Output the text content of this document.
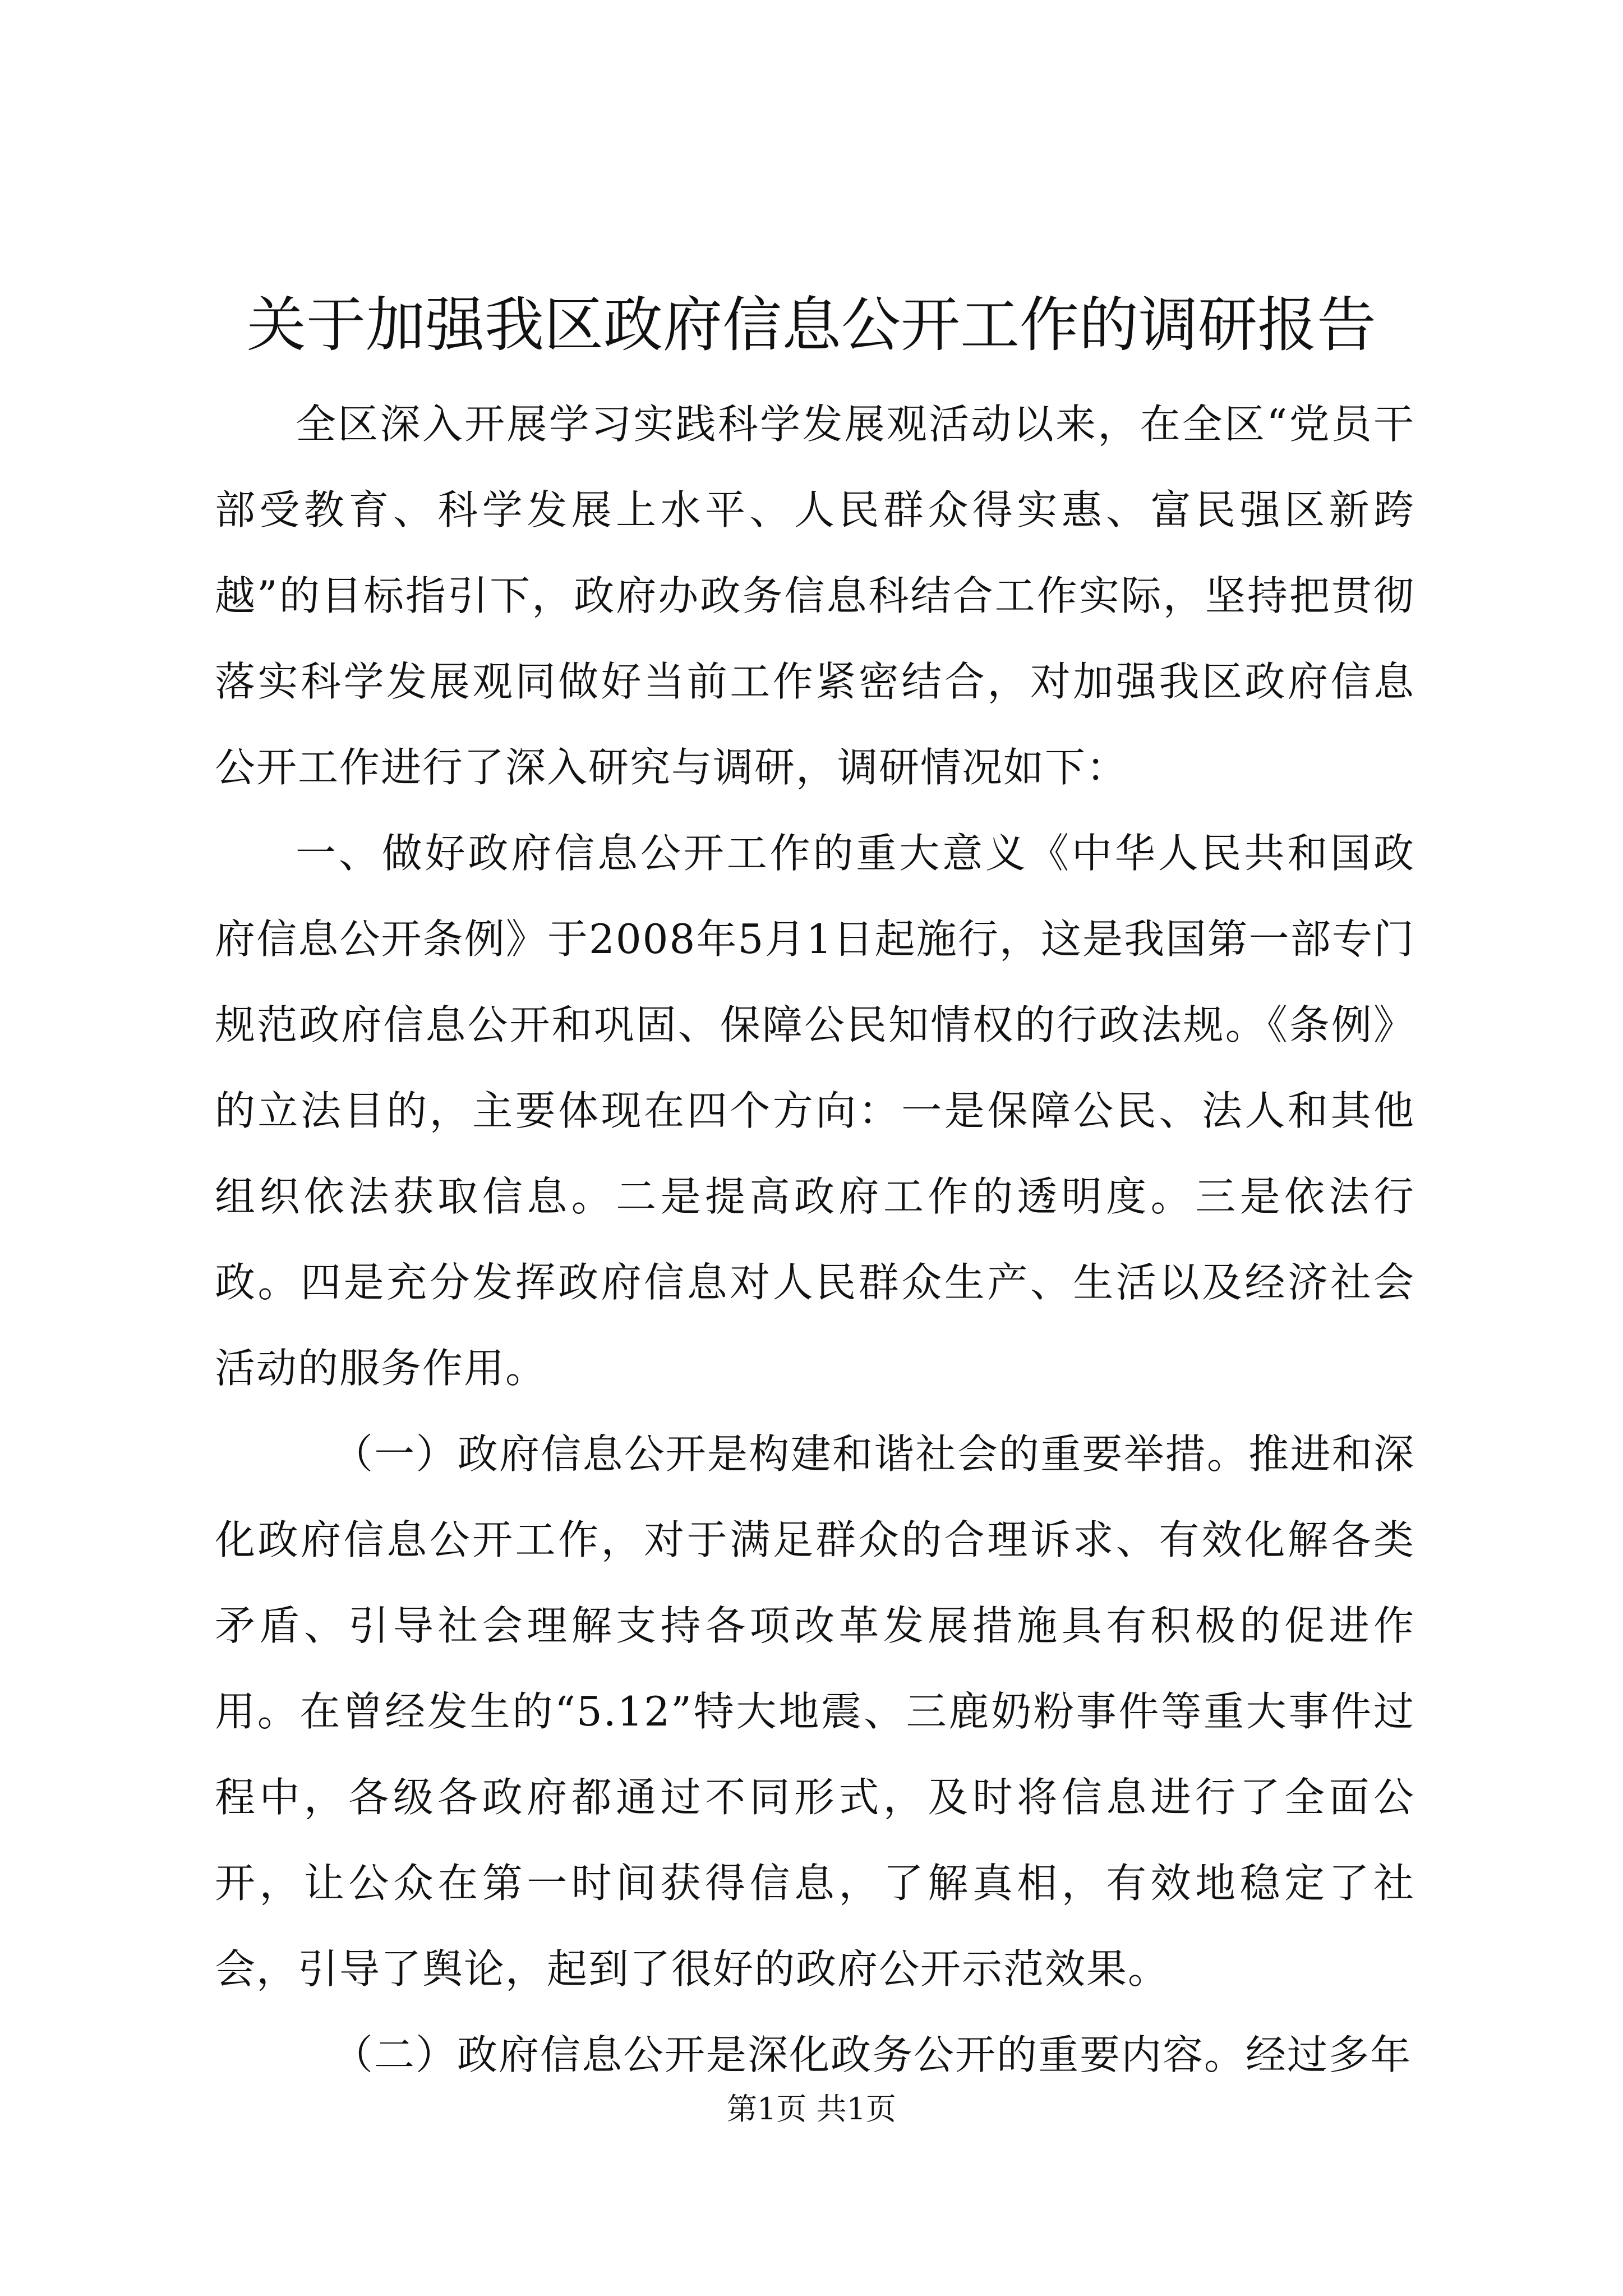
关于加强我区政府信息公开工作的调研报告

全区深入开展学习实践科学发展观活动以来，在全区“党员干部受教育、科学发展上水平、人民群众得实惠、富民强区新跨越”的目标指引下，政府办政务信息科结合工作实际，坚持把贯彻落实科学发展观同做好当前工作紧密结合，对加强我区政府信息公开工作进行了深入研究与调研，调研情况如下：

一、做好政府信息公开工作的重大意义《中华人民共和国政府信息公开条例》于2008年5月1日起施行，这是我国第一部专门规范政府信息公开和巩固、保障公民知情权的行政法规。《条例》的立法目的，主要体现在四个方向：一是保障公民、法人和其他组织依法获取信息。二是提高政府工作的透明度。三是依法行政。四是充分发挥政府信息对人民群众生产、生活以及经济社会活动的服务作用。

（一）政府信息公开是构建和谐社会的重要举措。推进和深化政府信息公开工作，对于满足群众的合理诉求、有效化解各类矛盾、引导社会理解支持各项改革发展措施具有积极的促进作用。在曾经发生的“5.12”特大地震、三鹿奶粉事件等重大事件过程中，各级各政府都通过不同形式，及时将信息进行了全面公开，让公众在第一时间获得信息，了解真相，有效地稳定了社会，引导了舆论，起到了很好的政府公开示范效果。

（二）政府信息公开是深化政务公开的重要内容。经过多年

第1页 共1页
